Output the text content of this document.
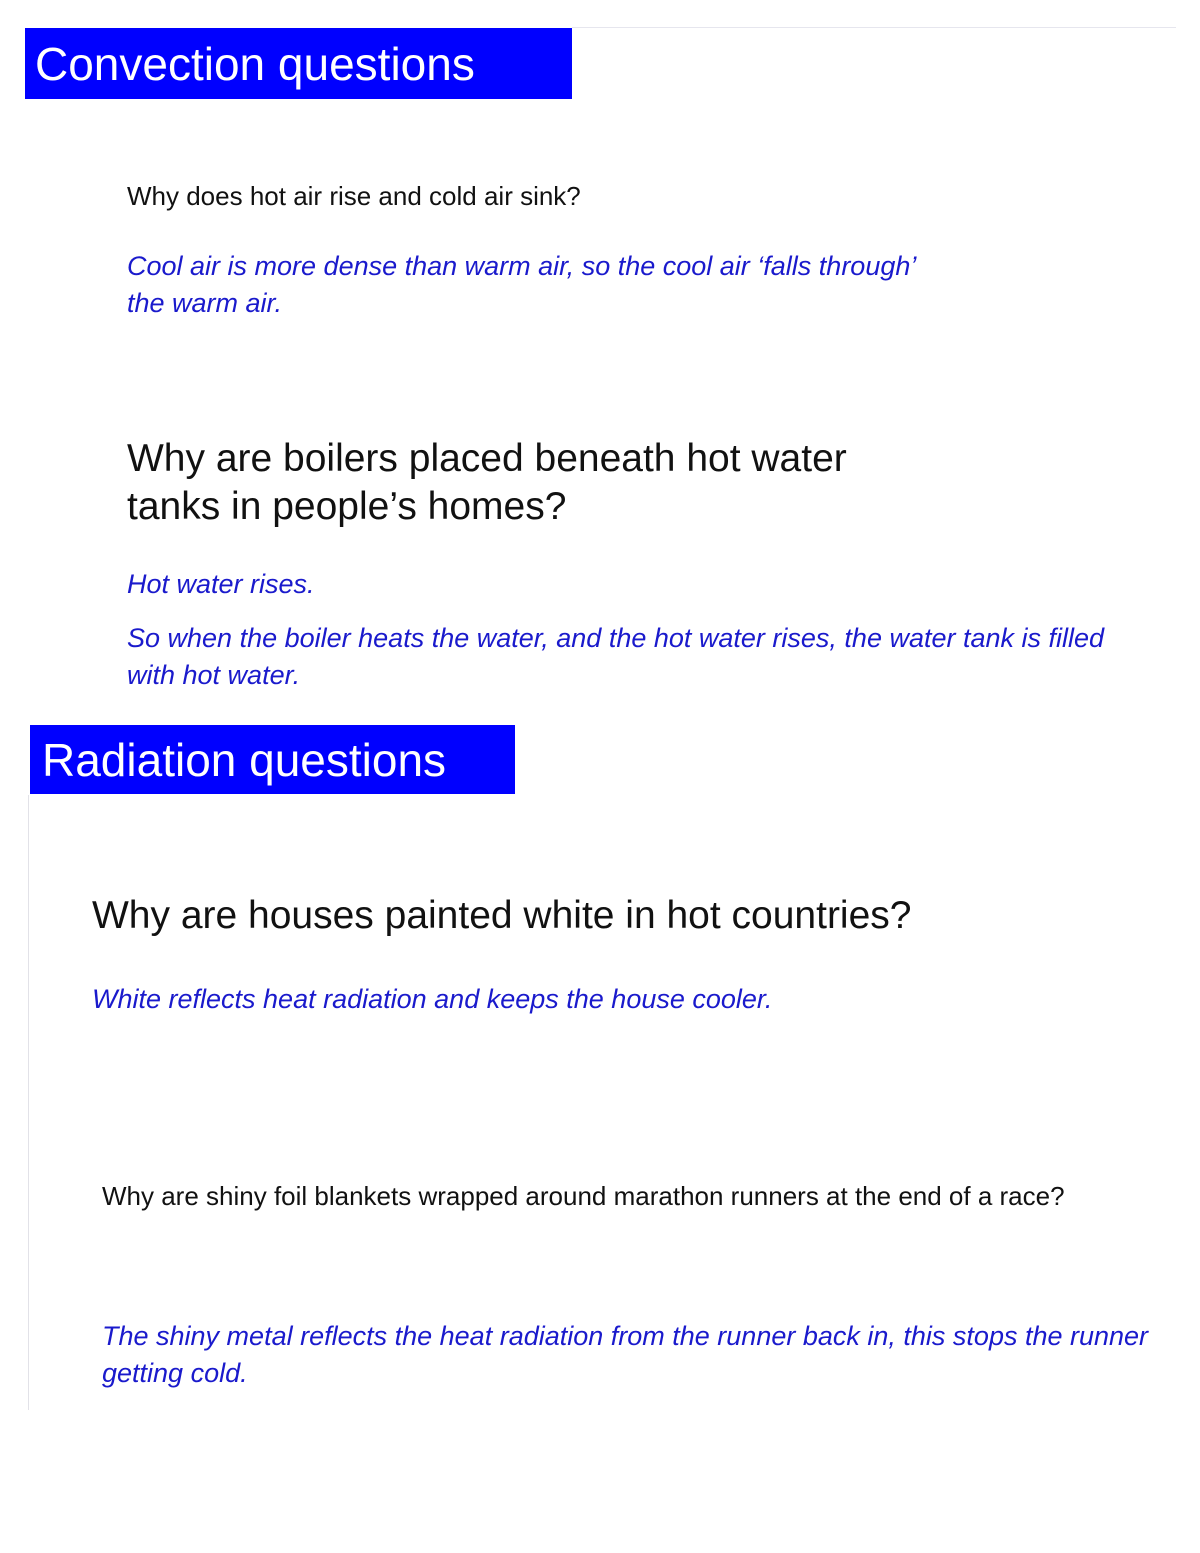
Convection questions
Why does hot air rise and cold air sink?
Cool air is more dense than warm air, so the cool air ‘falls through’ the warm air.
Why are boilers placed beneath hot water tanks in people’s homes?
Hot water rises.
So when the boiler heats the water, and the hot water rises, the water tank is filled with hot water.
Radiation questions
Why are houses painted white in hot countries?
White reflects heat radiation and keeps the house cooler.
Why are shiny foil blankets wrapped around marathon runners at the end of a race?
The shiny metal reflects the heat radiation from the runner back in, this stops the runner getting cold.
